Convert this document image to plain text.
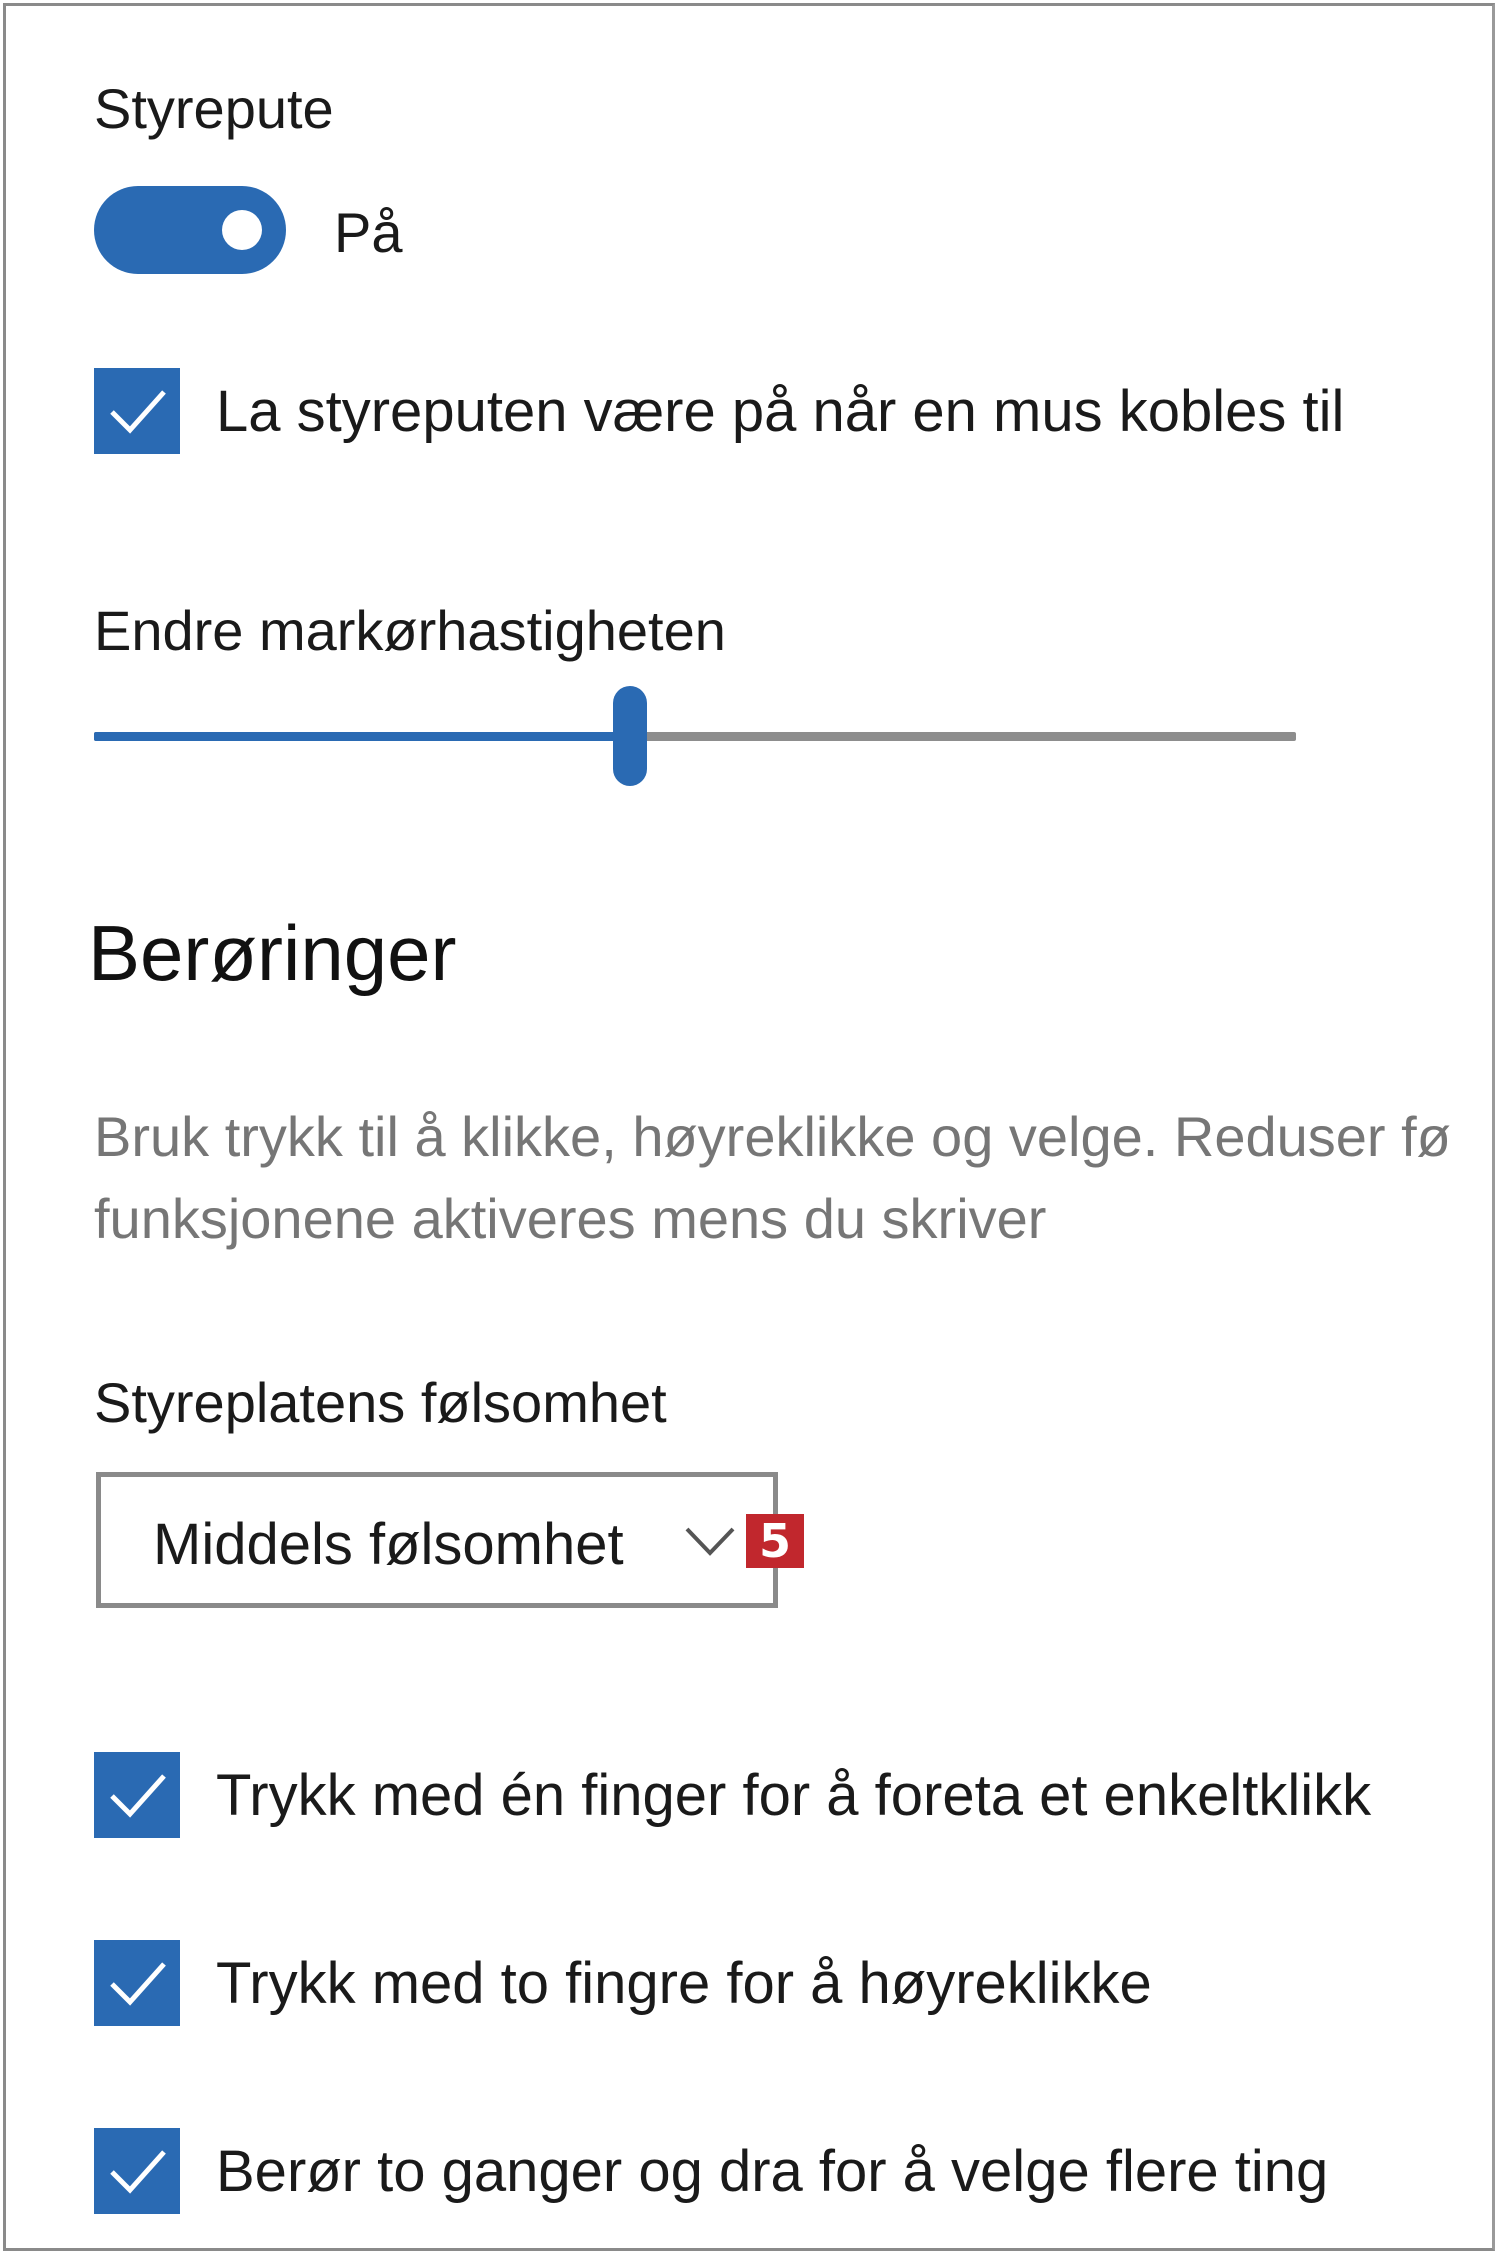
Styrepute
På
La styreputen være på når en mus kobles til
Endre markørhastigheten
Berøringer
Bruk trykk til å klikke, høyreklikke og velge. Reduser fø
funksjonene aktiveres mens du skriver
Styreplatens følsomhet
Middels følsomhet	5
Trykk med én finger for å foreta et enkeltklikk
Trykk med to fingre for å høyreklikke
Berør to ganger og dra for å velge flere ting
